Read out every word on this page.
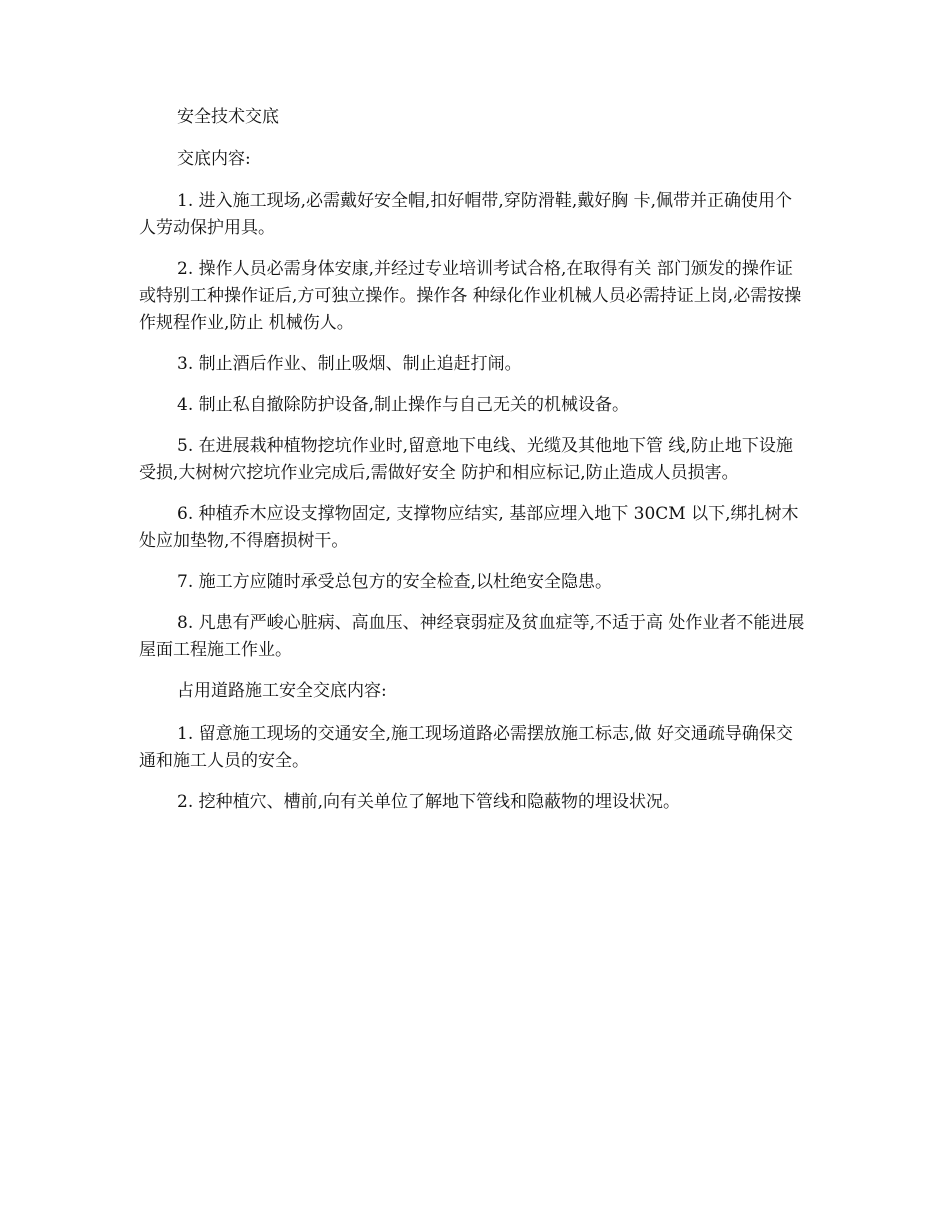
安全技术交底

交底内容:

1. 进入施工现场,必需戴好安全帽,扣好帽带,穿防滑鞋,戴好胸 卡,佩带并正确使用个人劳动保护用具。

2. 操作人员必需身体安康,并经过专业培训考试合格,在取得有关 部门颁发的操作证或特别工种操作证后,方可独立操作。操作各 种绿化作业机械人员必需持证上岗,必需按操作规程作业,防止 机械伤人。

3. 制止酒后作业、制止吸烟、制止追赶打闹。

4. 制止私自撤除防护设备,制止操作与自己无关的机械设备。

5. 在进展栽种植物挖坑作业时,留意地下电线、光缆及其他地下管 线,防止地下设施受损,大树树穴挖坑作业完成后,需做好安全 防护和相应标记,防止造成人员损害。

6. 种植乔木应设支撑物固定, 支撑物应结实, 基部应埋入地下 30CM 以下,绑扎树木处应加垫物,不得磨损树干。

7. 施工方应随时承受总包方的安全检查,以杜绝安全隐患。

8. 凡患有严峻心脏病、高血压、神经衰弱症及贫血症等,不适于高 处作业者不能进展屋面工程施工作业。

占用道路施工安全交底内容:

1. 留意施工现场的交通安全,施工现场道路必需摆放施工标志,做 好交通疏导确保交通和施工人员的安全。

2. 挖种植穴、槽前,向有关单位了解地下管线和隐蔽物的埋设状况。
